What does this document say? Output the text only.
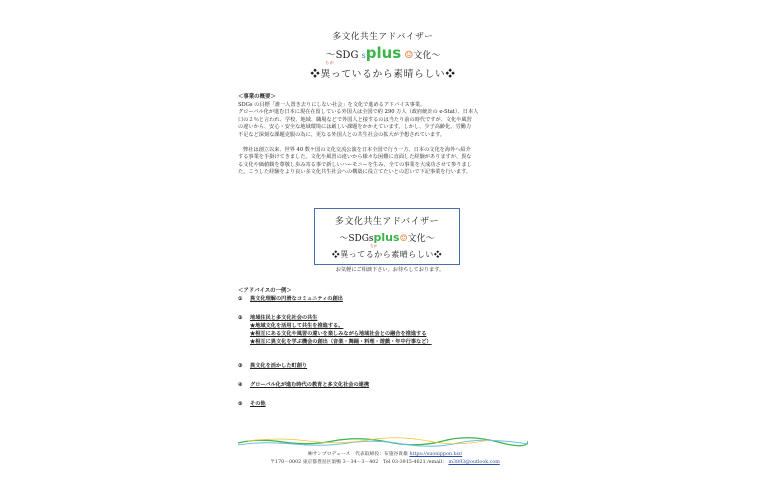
多文化共生アドバイザー
～SDG splus ☺文化～
ちが
❖異っているから素晴らしい❖
＜事業の概要＞
SDGs の目標「誰一人置き去りにしない社会」を文化で進めるアドバイス事業。
グローバル化が進む日本に現在在留している外国人は全国で約 290 万人（政府統計の e-Stat）、日本人
口の２％と言われ、学校、地域、職場などで外国人と接するのは当たり前の時代ですが、文化や風習
の違いから、安心・安全な地域環境には厳しい課題をかかえています。しかし、少子高齢化、労働力
不足など深刻な課題克服の為に、更なる外国人との共生社会の拡大が予想されています。
弊社は創立以来、世界 40 数ケ国の文化交流公演を日本全国で行う一方、日本の文化を海外へ紹介
する事業を手掛けてきました。文化や風習の違いから様々な困難に直面した経験がありますが、異な
る文化や価値観を尊敬し歩み寄る事で新しいハーモニーを生み、全ての事業を大成功させて参りまし
た。こうした経験をより良い多文化共生社会への構築に役立てたいとの思いで下記事業を行います。
多文化共生アドバイザー
～SDGsplus☺文化～
ちが
❖異ってるから素晴らしい❖
お気軽にご相談下さい。お待ちしております。
＜アドバイスの一例＞
① 異文化理解の円滑なコミュニティの創出
② 地域住民と多文化社会の共生
★地域文化を活用して共生を推進する。
★相互にある文化や風習の違いを楽しみながら地域社会との融合を推進する
★相互に異文化を学ぶ機会の創出（音楽・舞踊・料理・遊戯・年中行事など）
③ 異文化を活かした町創り
④ グローバル化が進む時代の教育と多文化社会の連携
⑤ その他
㈱サンプロデュース　代表取締役：布施谷貴雄 https://suonippon.biz/
〒170－0002 東京都豊島区巣鴨 3－34－3－402　Tel 03-3915-4621 /email： m3893@outlook.com
